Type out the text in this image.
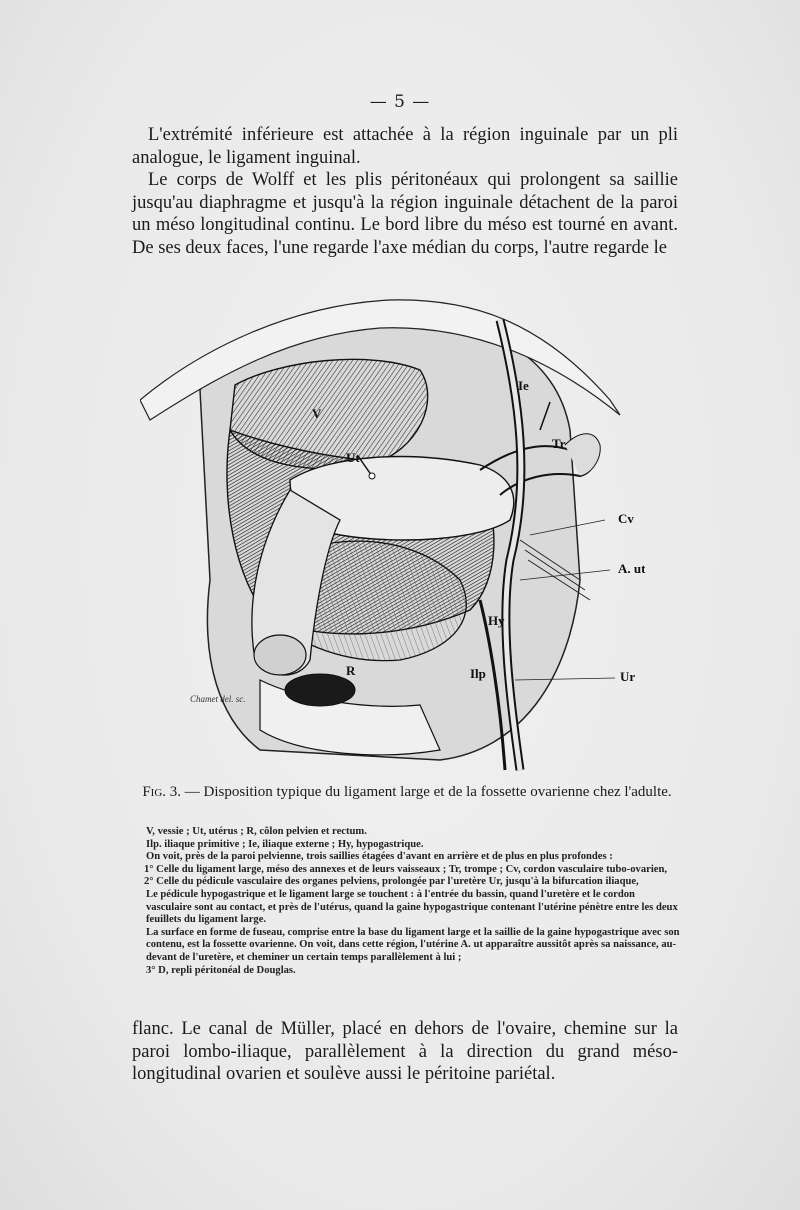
— 5 —

L'extrémité inférieure est attachée à la région inguinale par un pli analogue, le ligament inguinal.

Le corps de Wolff et les plis péritonéaux qui prolongent sa saillie jusqu'au diaphragme et jusqu'à la région inguinale détachent de la paroi un méso longitudinal continu. Le bord libre du méso est tourné en avant. De ses deux faces, l'une regarde l'axe médian du corps, l'autre regarde le

Ie
V
Tr
Ut
Cv
A. ut
Hy
R	Ilp	Ur
Chamet del. sc.
Fig. 3. — Disposition typique du ligament large et de la fossette ovarienne chez l'adulte.

V, vessie ; Ut, utérus ; R, côlon pelvien et rectum.

Ilp. iliaque primitive ; Ie, iliaque externe ; Hy, hypogastrique.

On voit, près de la paroi pelvienne, trois saillies étagées d'avant en arrière et de plus en plus profondes :

1° Celle du ligament large, méso des annexes et de leurs vaisseaux ; Tr, trompe ; Cv, cordon vasculaire tubo-ovarien,

2° Celle du pédicule vasculaire des organes pelviens, prolongée par l'uretère Ur, jusqu'à la bifurcation iliaque,

Le pédicule hypogastrique et le ligament large se touchent : à l'entrée du bassin, quand l'uretère et le cordon vasculaire sont au contact, et près de l'utérus, quand la gaine hypogastrique contenant l'utérine pénètre entre les deux feuillets du ligament large.

La surface en forme de fuseau, comprise entre la base du ligament large et la saillie de la gaine hypogastrique avec son contenu, est la fossette ovarienne. On voit, dans cette région, l'utérine A. ut apparaître aussitôt après sa naissance, au-devant de l'uretère, et cheminer un certain temps parallèlement à lui ;

3° D, repli péritonéal de Douglas.

flanc. Le canal de Müller, placé en dehors de l'ovaire, chemine sur la paroi lombo-iliaque, parallèlement à la direction du grand méso-longitudinal ovarien et soulève aussi le péritoine pariétal.
